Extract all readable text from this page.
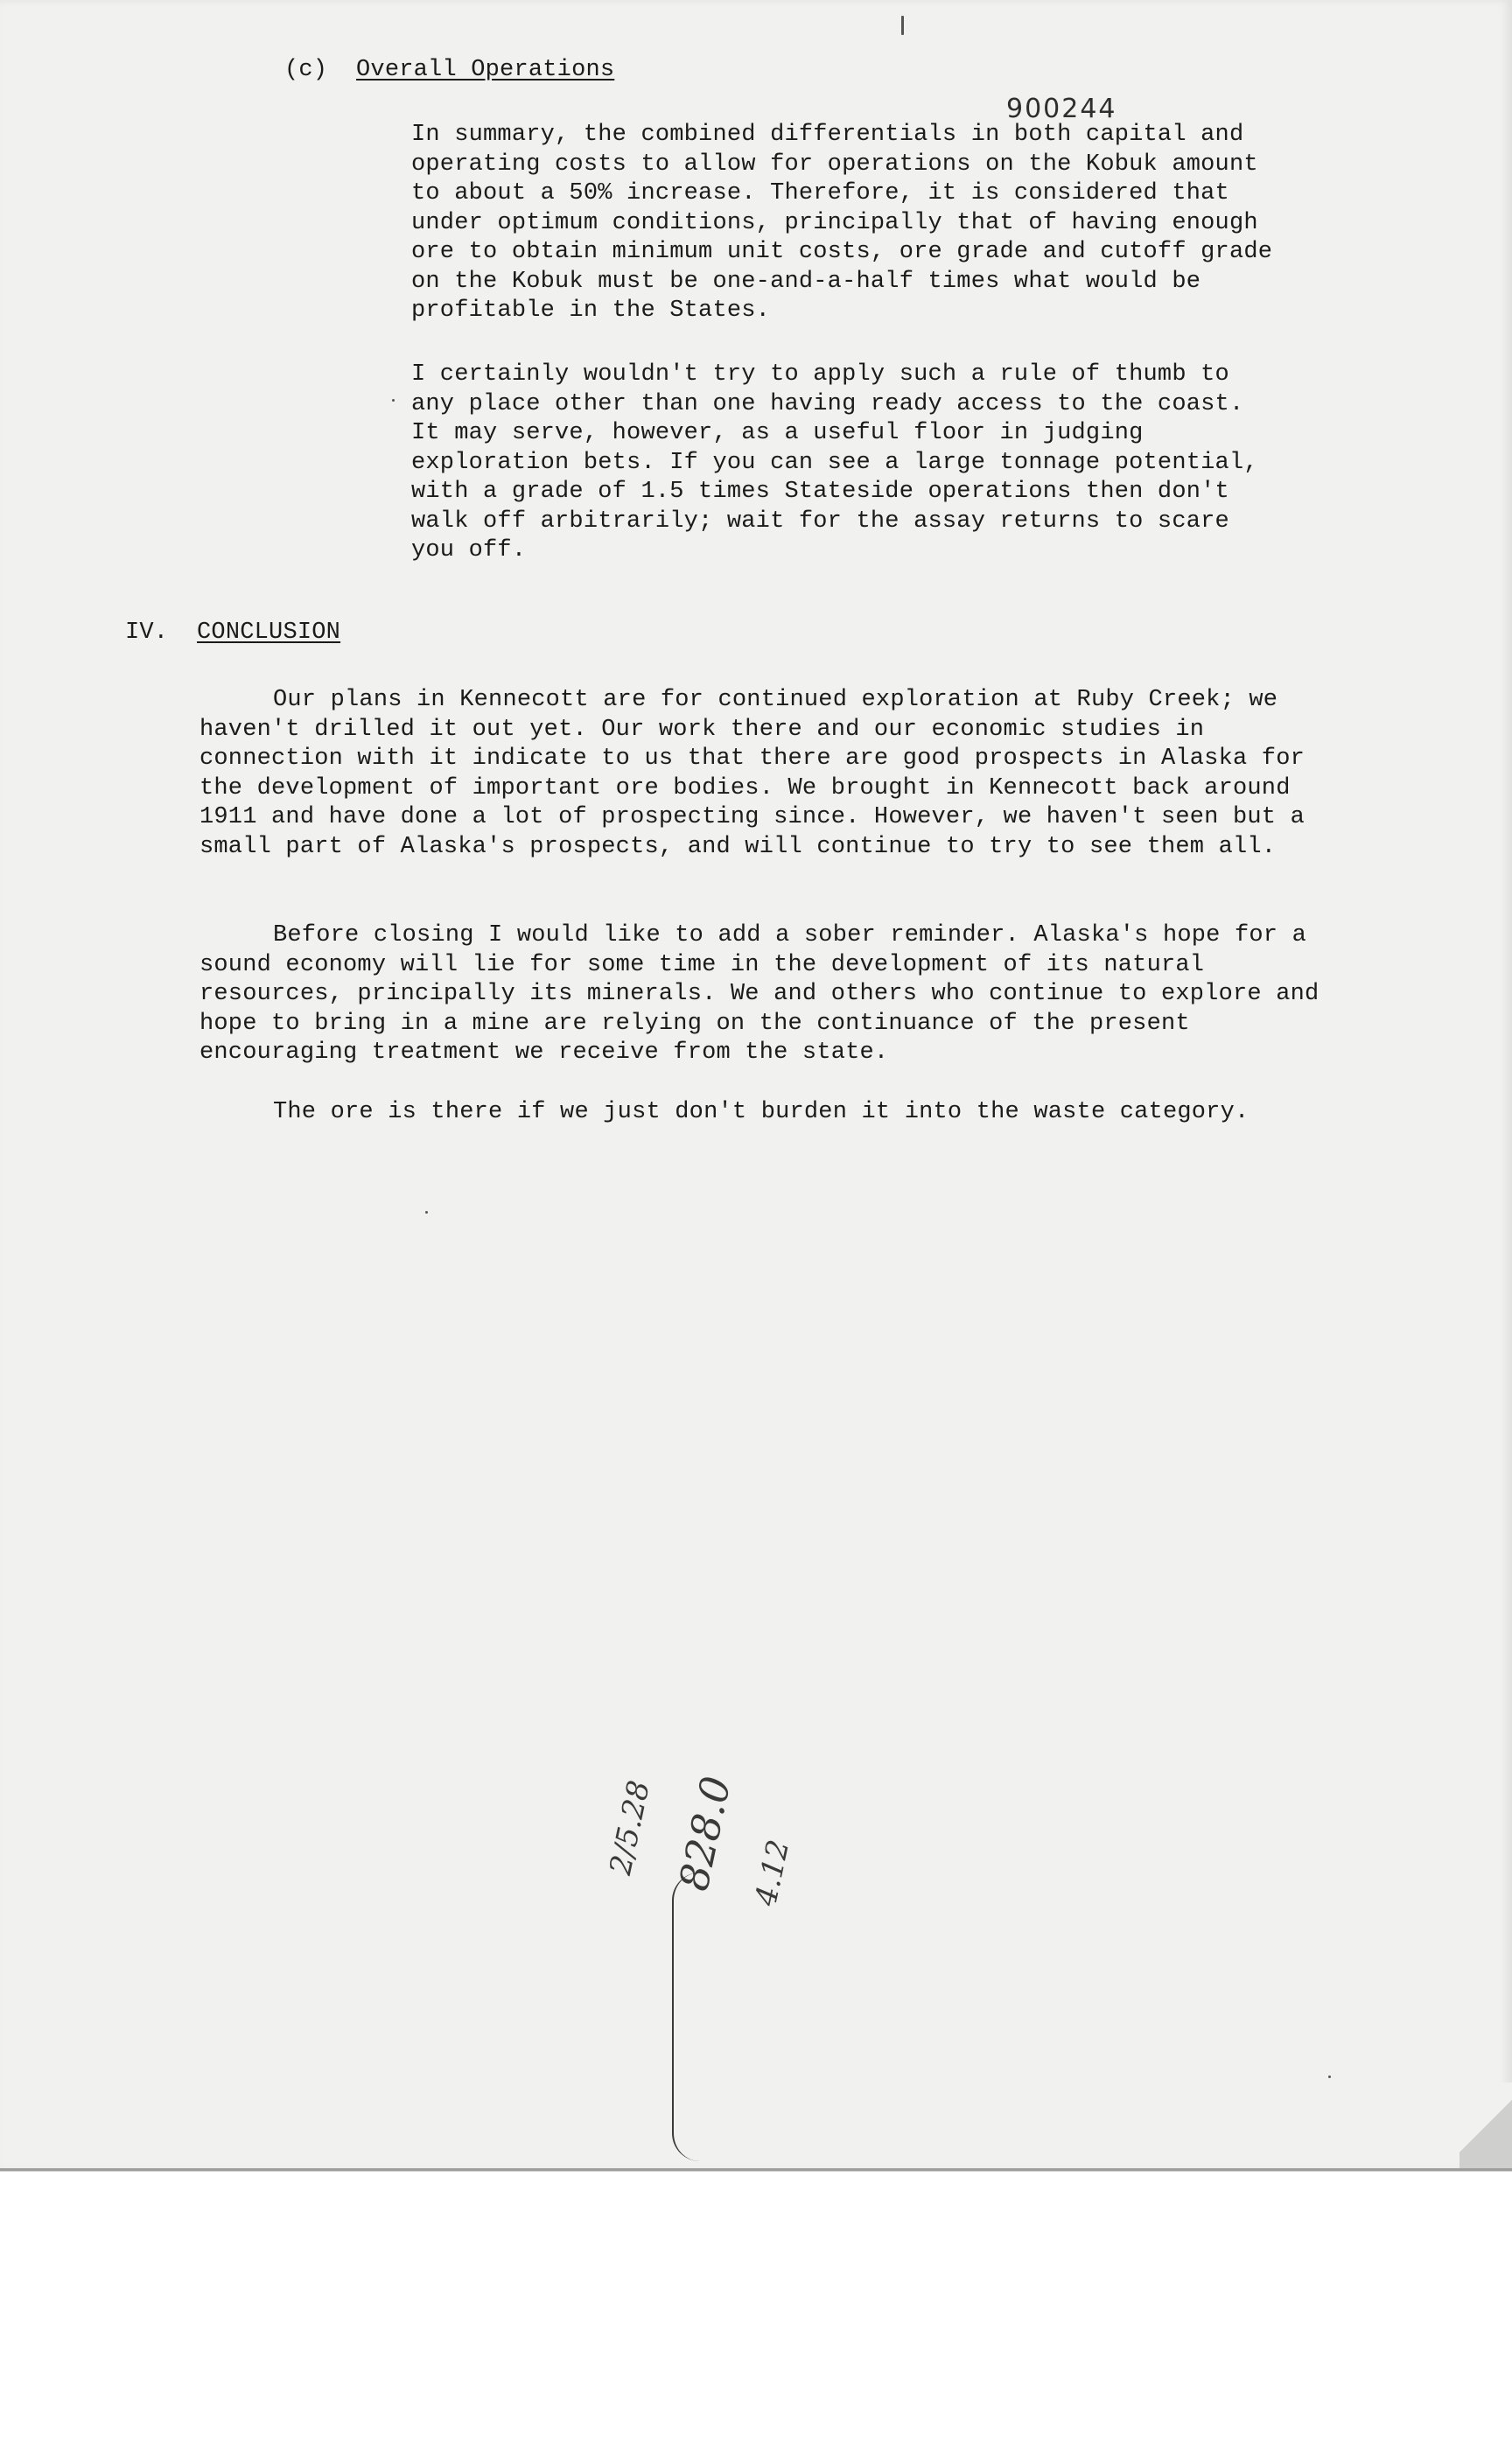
900244
(c) Overall Operations

In summary, the combined differentials in both capital and operating costs to allow for operations on the Kobuk amount to about a 50% increase. Therefore, it is considered that under optimum conditions, principally that of having enough ore to obtain minimum unit costs, ore grade and cutoff grade on the Kobuk must be one-and-a-half times what would be profitable in the States.

I certainly wouldn't try to apply such a rule of thumb to any place other than one having ready access to the coast. It may serve, however, as a useful floor in judging exploration bets. If you can see a large tonnage potential, with a grade of 1.5 times Stateside operations then don't walk off arbitrarily; wait for the assay returns to scare you off.

IV. CONCLUSION

Our plans in Kennecott are for continued exploration at Ruby Creek; we haven't drilled it out yet. Our work there and our economic studies in connection with it indicate to us that there are good prospects in Alaska for the development of important ore bodies. We brought in Kennecott back around 1911 and have done a lot of prospecting since. However, we haven't seen but a small part of Alaska's prospects, and will continue to try to see them all.

Before closing I would like to add a sober reminder. Alaska's hope for a sound economy will lie for some time in the development of its natural resources, principally its minerals. We and others who continue to explore and hope to bring in a mine are relying on the continuance of the present encouraging treatment we receive from the state.

The ore is there if we just don't burden it into the waste category.

2/5.28

828.0

4.12
